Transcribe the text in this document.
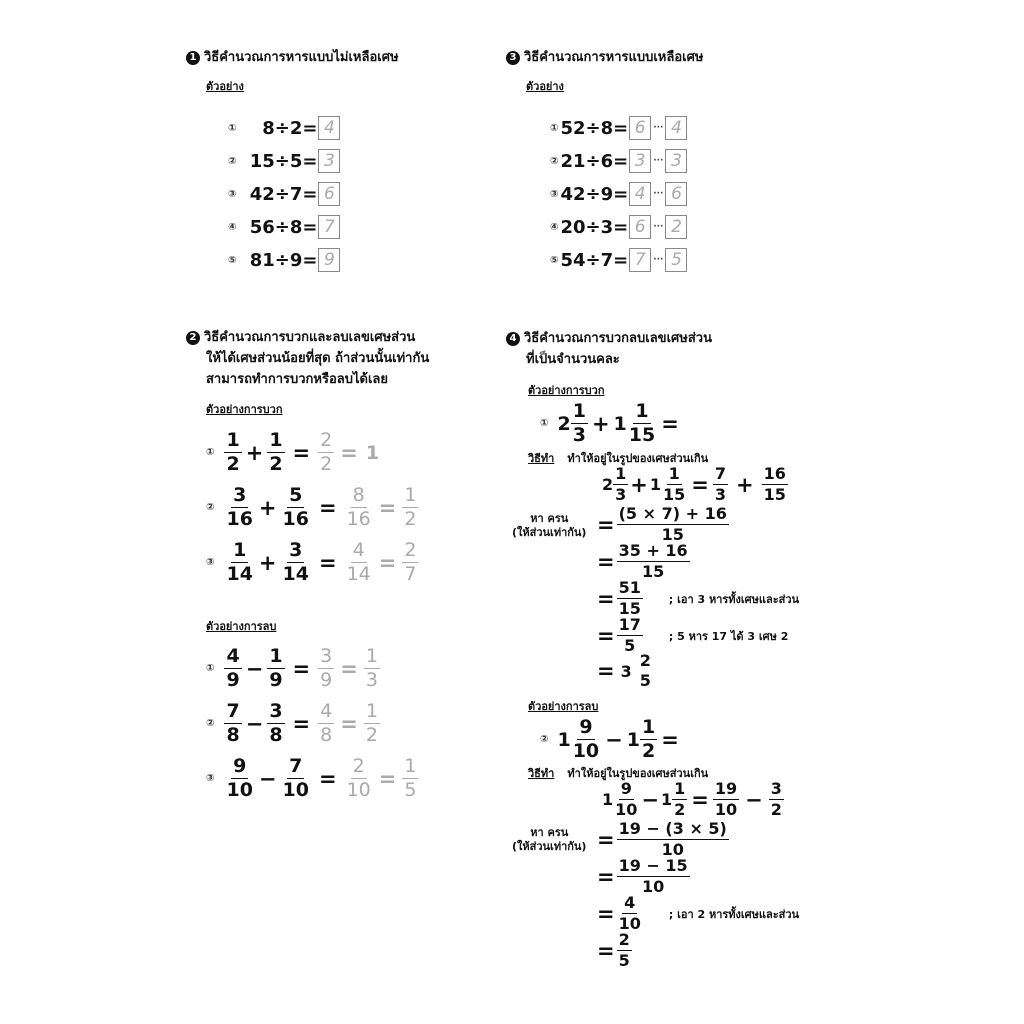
1 วิธีคำนวณการหารแบบไม่เหลือเศษ
ตัวอย่าง
①	8÷2= 4
② 15÷5= 3
③ 42÷7= 6
④ 56÷8= 7
⑤ 81÷9= 9
3 วิธีคำนวณการหารแบบเหลือเศษ
ตัวอย่าง
① 52÷8= 6 ··· 4
② 21÷6= 3 ··· 3
③ 42÷9= 4 ··· 6
④ 20÷3= 6 ··· 2
⑤ 54÷7= 7 ··· 5
2 วิธีคำนวณการบวกและลบเลขเศษส่วน
ให้ได้เศษส่วนน้อยที่สุด ถ้าส่วนนั้นเท่ากัน
สามารถทำการบวกหรือลบได้เลย
ตัวอย่างการบวก
ตัวอย่างการลบ
① $\frac{1}{2} + \frac{1}{2} = \frac{2}{2} = 1$
② $\frac{3}{16} + \frac{5}{16} = \frac{8}{16} = \frac{1}{2}$
③ $\frac{1}{14} + \frac{3}{14} = \frac{4}{14} = \frac{2}{7}$
① $\frac{4}{9} - \frac{1}{9} = \frac{3}{9} = \frac{1}{3}$
② $\frac{7}{8} - \frac{3}{8} = \frac{4}{8} = \frac{1}{2}$
③ $\frac{9}{10} - \frac{7}{10} = \frac{2}{10} = \frac{1}{5}$
4 วิธีคำนวณการบวกลบเลขเศษส่วน
ที่เป็นจำนวนคละ
ตัวอย่างการบวก
① $2 \frac{1}{3} + 1 \frac{1}{15}$ =
วิธีทำ ทำให้อยู่ในรูปของเศษส่วนเกิน
$2 \frac{1}{3} + 1 \frac{1}{15} = \frac{7}{3} + \frac{16}{15}$
หา ครน
(ให้ส่วนเท่ากัน) = $\frac{(5 \times 7) + 16}{15}$
= $\frac{35 + 16}{15}$
= $\frac{51}{15}$ ; เอา 3 หารทั้งเศษและส่วน
= $\frac{17}{5}$ ; 5 หาร 17 ได้ 3 เศษ 2
= 3
2
5
ตัวอย่างการลบ
② $1 \frac{9}{10} - 1 \frac{1}{2}$ =
วิธีทำ ทำให้อยู่ในรูปของเศษส่วนเกิน
$1 \frac{9}{10} - 1 \frac{1}{2} = \frac{19}{10} - \frac{3}{2}$
หา ครน
(ให้ส่วนเท่ากัน) = $\frac{19 - (3 \times 5)}{10}$
= $\frac{19 - 15}{10}$
= $\frac{4}{10}$ ; เอา 2 หารทั้งเศษและส่วน
= $\frac{2}{5}$
